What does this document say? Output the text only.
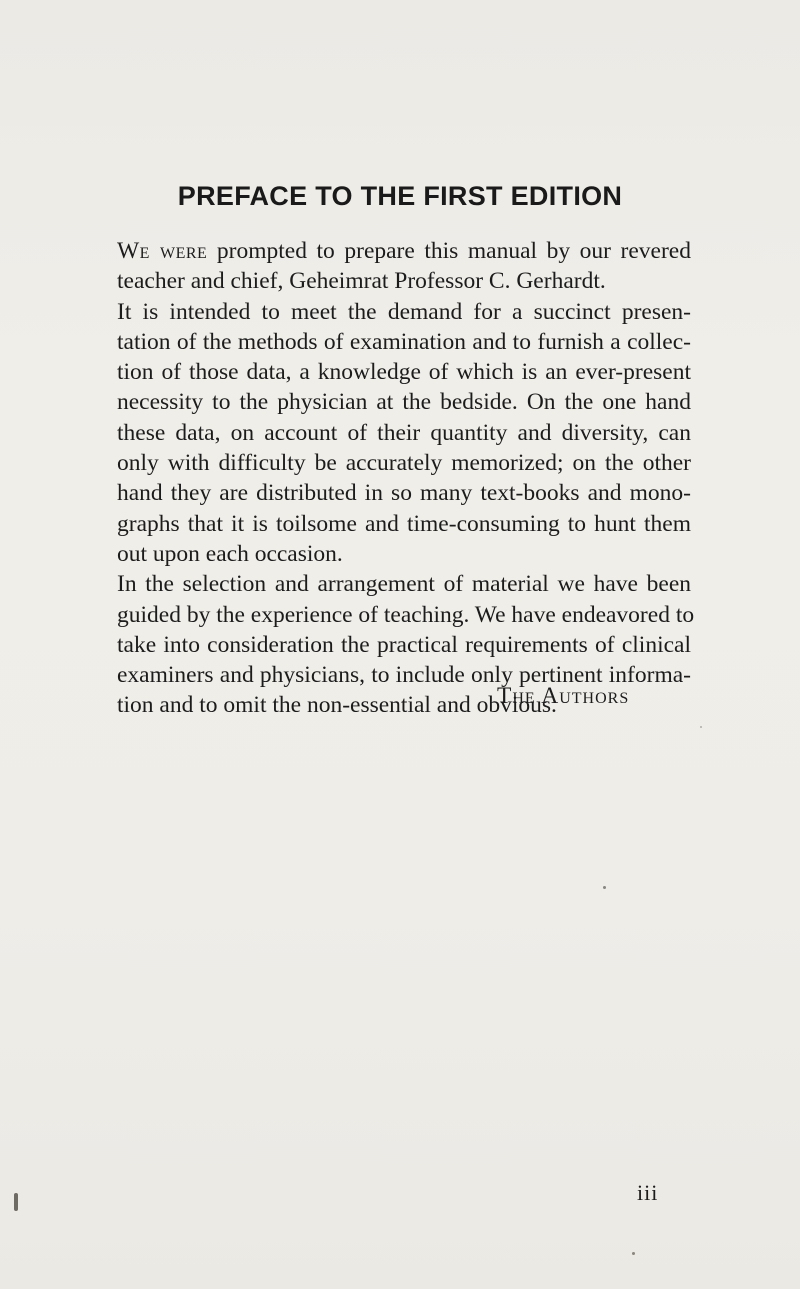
PREFACE TO THE FIRST EDITION
We were prompted to prepare this manual by our revered
teacher and chief, Geheimrat Professor C. Gerhardt.
It is intended to meet the demand for a succinct presen-
tation of the methods of examination and to furnish a collec-
tion of those data, a knowledge of which is an ever-present
necessity to the physician at the bedside. On the one hand
these data, on account of their quantity and diversity, can
only with difficulty be accurately memorized; on the other
hand they are distributed in so many text-books and mono-
graphs that it is toilsome and time-consuming to hunt them
out upon each occasion.
In the selection and arrangement of material we have been
guided by the experience of teaching. We have endeavored to
take into consideration the practical requirements of clinical
examiners and physicians, to include only pertinent informa-
tion and to omit the non-essential and obvious.
The Authors
iii
